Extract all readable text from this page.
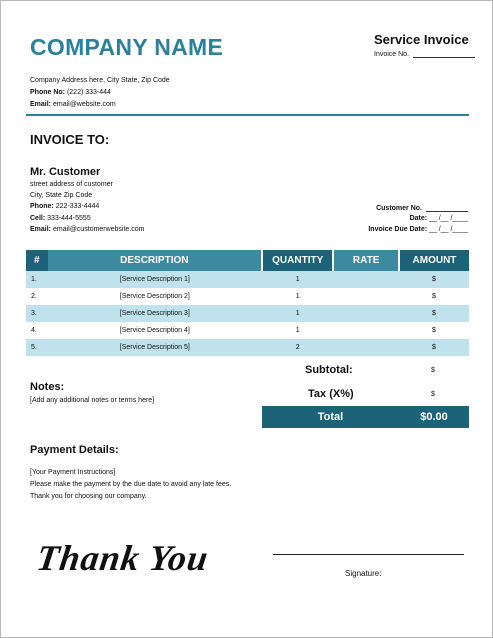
COMPANY NAME	Service Invoice
Invoice No.
Company Address here, City State, Zip Code
Phone No: (222) 333-444
Email: email@website.com
INVOICE TO:
Mr. Customer
street address of customer
City, State Zip Code
Phone: 222-333-4444
Cell: 333-444-5555
Email: email@customerwebsite.com
Customer No.
Date: __ /__ /____
Invoice Due Date: __ /__ /____
#	DESCRIPTION	QUANTITY	RATE	AMOUNT
1.	[Service Description 1]	1		$
2.	[Service Description 2]	1		$
3.	[Service Description 3]	1		$
4.	[Service Description 4]	1		$
5.	[Service Description 5]	2		$
Subtotal:	$
Tax (X%)	$
Total	$0.00
Notes:
[Add any additional notes or terms here]
Payment Details:
[Your Payment Instructions]
Please make the payment by the due date to avoid any late fees.
Thank you for choosing our company.
Thank You	Signature:
